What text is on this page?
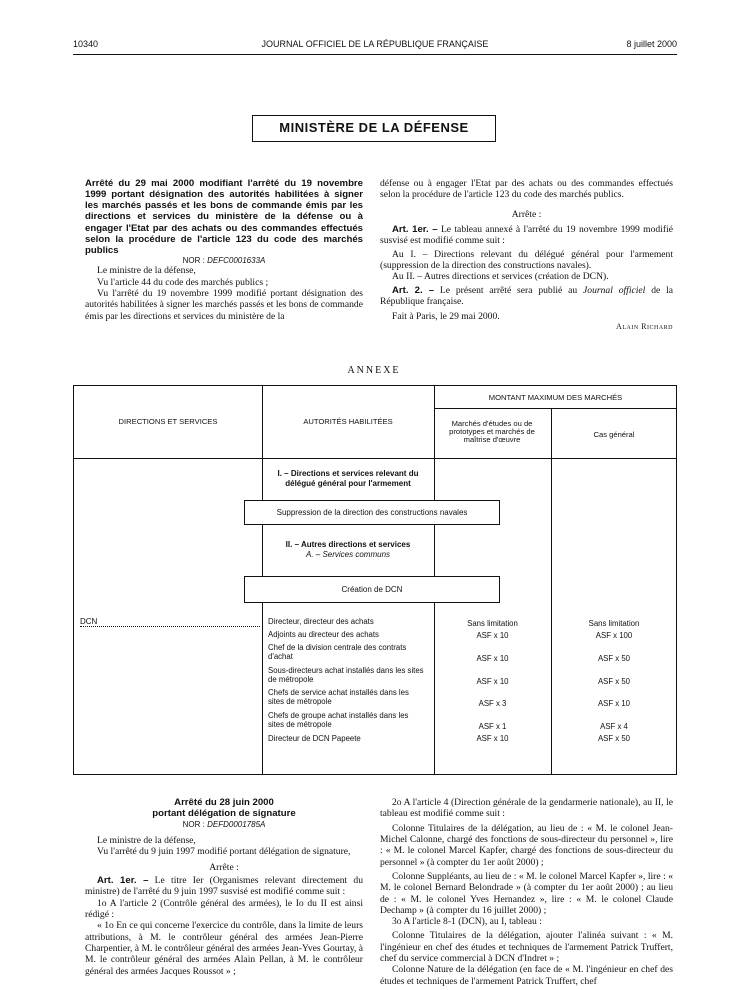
10340	JOURNAL OFFICIEL DE LA RÉPUBLIQUE FRANÇAISE	8 juillet 2000
MINISTÈRE DE LA DÉFENSE

Arrêté du 29 mai 2000 modifiant l'arrêté du 19 novembre 1999 portant désignation des autorités habilitées à signer les marchés passés et les bons de commande émis par les directions et services du ministère de la défense ou à engager l'Etat par des achats ou des commandes effectués selon la procédure de l'article 123 du code des marchés publics

NOR : DEFC0001633A

Le ministre de la défense,

Vu l'article 44 du code des marchés publics ;

Vu l'arrêté du 19 novembre 1999 modifié portant désignation des autorités habilitées à signer les marchés passés et les bons de commande émis par les directions et services du ministère de la

défense ou à engager l'Etat par des achats ou des commandes effectués selon la procédure de l'article 123 du code des marchés publics.

Arrête :

Art. 1er. – Le tableau annexé à l'arrêté du 19 novembre 1999 modifié susvisé est modifié comme suit :

Au I. – Directions relevant du délégué général pour l'armement (suppression de la direction des constructions navales).

Au II. – Autres directions et services (création de DCN).

Art. 2. – Le présent arrêté sera publié au Journal officiel de la République française.

Fait à Paris, le 29 mai 2000.

Alain Richard

ANNEXE
DIRECTIONS ET SERVICES	AUTORITÉS HABILITÉES
MONTANT MAXIMUM DES MARCHÉS
Marchés d'études ou de prototypes et marchés de maîtrise d'œuvre
Cas général
I. – Directions et services relevant du délégué général pour l'armement
Suppression de la direction des constructions navales
II. – Autres directions et services
A. – Services communs
Création de DCN
DCN	Directeur, directeur des achats	Sans limitation	Sans limitation
Adjoints au directeur des achats	ASF x 10	ASF x 100
Chef de la division centrale des contrats d'achat	ASF x 10	ASF x 50
Sous-directeurs achat installés dans les sites de métropole	ASF x 10	ASF x 50
Chefs de service achat installés dans les sites de métropole	ASF x 3	ASF x 10
Chefs de groupe achat installés dans les sites de métropole	ASF x 1	ASF x 4
Directeur de DCN Papeete	ASF x 10	ASF x 50

Arrêté du 28 juin 2000

portant délégation de signature

NOR : DEFD0001785A

Le ministre de la défense,

Vu l'arrêté du 9 juin 1997 modifié portant délégation de signature,

Arrête :

Art. 1er. – Le titre Ier (Organismes relevant directement du ministre) de l'arrêté du 9 juin 1997 susvisé est modifié comme suit :

1o A l'article 2 (Contrôle général des armées), le Io du II est ainsi rédigé :

« 1o En ce qui concerne l'exercice du contrôle, dans la limite de leurs attributions, à M. le contrôleur général des armées Jean-Pierre Charpentier, à M. le contrôleur général des armées Jean-Yves Gourtay, à M. le contrôleur général des armées Alain Pellan, à M. le contrôleur général des armées Jacques Roussot » ;

2o A l'article 4 (Direction générale de la gendarmerie nationale), au II, le tableau est modifié comme suit :

Colonne Titulaires de la délégation, au lieu de : « M. le colonel Jean-Michel Calonne, chargé des fonctions de sous-directeur du personnel », lire : « M. le colonel Marcel Kapfer, chargé des fonctions de sous-directeur du personnel » (à compter du 1er août 2000) ;

Colonne Suppléants, au lieu de : « M. le colonel Marcel Kapfer », lire : « M. le colonel Bernard Belondrade » (à compter du 1er août 2000) ; au lieu de : « M. le colonel Yves Hernandez », lire : « M. le colonel Claude Dechamp » (à compter du 16 juillet 2000) ;

3o A l'article 8-1 (DCN), au I, tableau :

Colonne Titulaires de la délégation, ajouter l'alinéa suivant : « M. l'ingénieur en chef des études et techniques de l'armement Patrick Truffert, chef du service commercial à DCN d'Indret » ;

Colonne Nature de la délégation (en face de « M. l'ingénieur en chef des études et techniques de l'armement Patrick Truffert, chef
